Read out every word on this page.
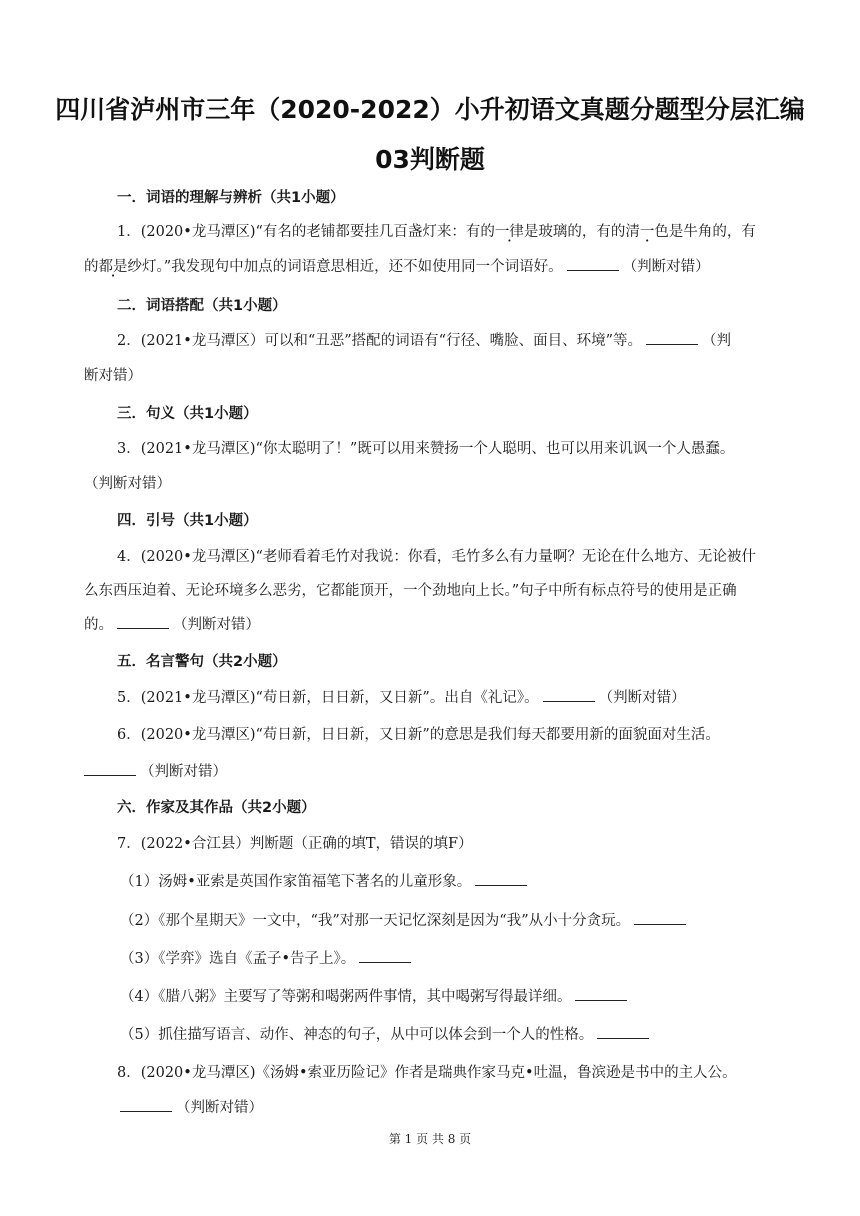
四川省泸州市三年（2020-2022）小升初语文真题分题型分层汇编
03判断题
一．词语的理解与辨析（共1小题）
1．(2020•龙马潭区)“有名的老铺都要挂几百盏灯来：有的一律是玻璃的，有的清一色是牛角的，有
的都是纱灯。”我发现句中加点的词语意思相近，还不如使用同一个词语好。	（判断对错）
二．词语搭配（共1小题）
2．(2021•龙马潭区）可以和“丑恶”搭配的词语有“行径、嘴脸、面目、环境”等。	（判
断对错）
三．句义（共1小题）
3．(2021•龙马潭区)“你太聪明了！”既可以用来赞扬一个人聪明、也可以用来讥讽一个人愚蠢。
（判断对错）
四．引号（共1小题）
4．(2020•龙马潭区)“老师看着毛竹对我说：你看，毛竹多么有力量啊？无论在什么地方、无论被什
么东西压迫着、无论环境多么恶劣，它都能顶开，一个劲地向上长。”句子中所有标点符号的使用是正确
的。	（判断对错）
五．名言警句（共2小题）
5．(2021•龙马潭区)“苟日新，日日新，又日新”。出自《礼记》。	（判断对错）
6．(2020•龙马潭区)“苟日新，日日新，又日新”的意思是我们每天都要用新的面貌面对生活。
（判断对错）
六．作家及其作品（共2小题）
7．(2022•合江县）判断题（正确的填T，错误的填F）
（1）汤姆•亚索是英国作家笛福笔下著名的儿童形象。
（2）《那个星期天》一文中，“我”对那一天记忆深刻是因为“我”从小十分贪玩。
（3）《学弈》选自《孟子•告子上》。
（4）《腊八粥》主要写了等粥和喝粥两件事情，其中喝粥写得最详细。
（5）抓住描写语言、动作、神态的句子，从中可以体会到一个人的性格。
8．(2020•龙马潭区)《汤姆•索亚历险记》作者是瑞典作家马克•吐温，鲁滨逊是书中的主人公。
（判断对错）
第 1 页 共 8 页
